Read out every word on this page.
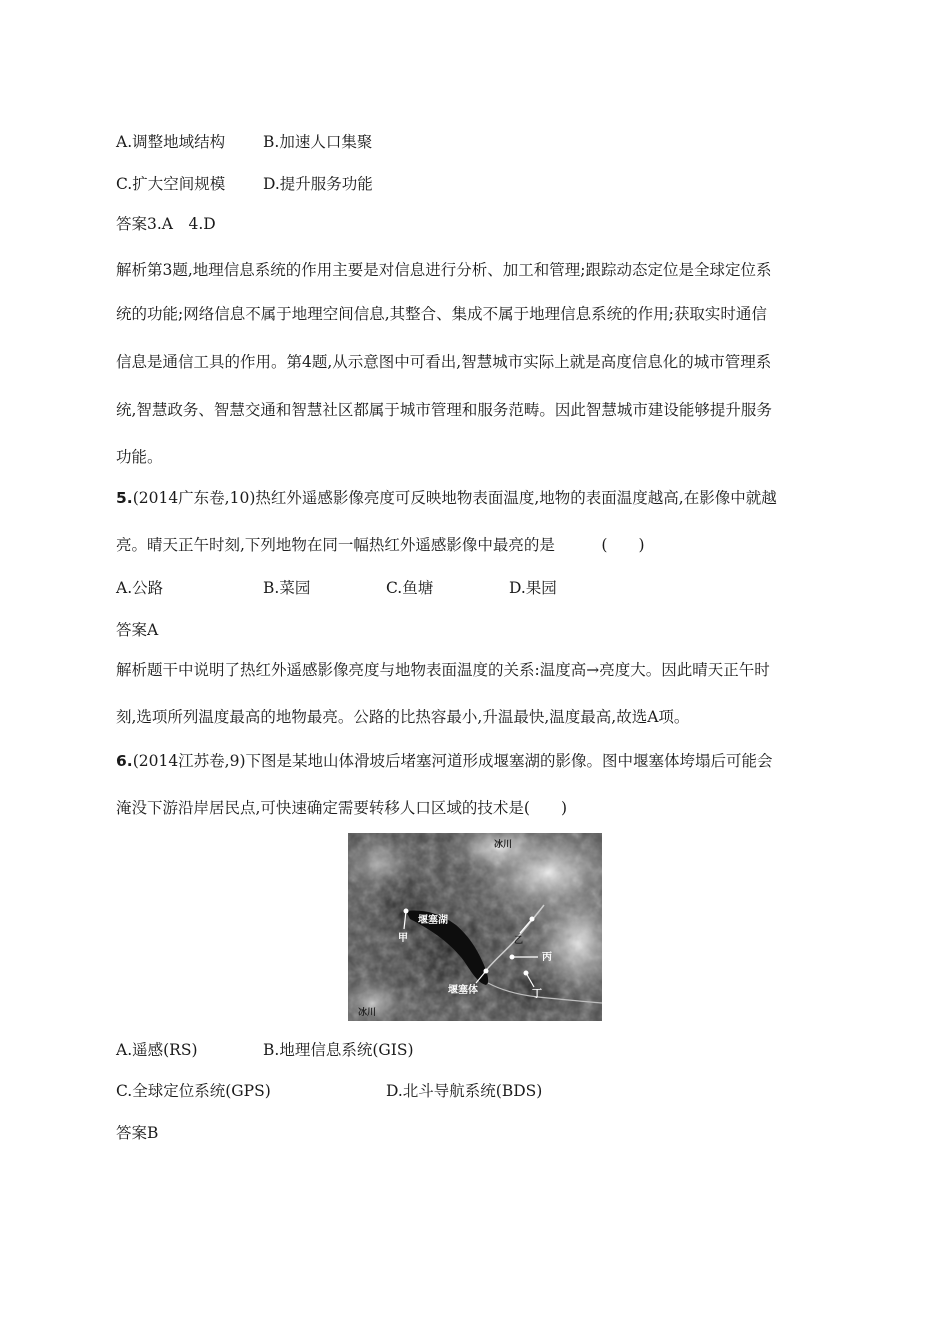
A.调整地域结构 B.加速人口集聚
C.扩大空间规模 D.提升服务功能
答案3.A　4.D
解析第3题,地理信息系统的作用主要是对信息进行分析、加工和管理;跟踪动态定位是全球定位系
统的功能;网络信息不属于地理空间信息,其整合、集成不属于地理信息系统的作用;获取实时通信
信息是通信工具的作用。第4题,从示意图中可看出,智慧城市实际上就是高度信息化的城市管理系
统,智慧政务、智慧交通和智慧社区都属于城市管理和服务范畴。因此智慧城市建设能够提升服务
功能。
5.(2014广东卷,10)热红外遥感影像亮度可反映地物表面温度,地物的表面温度越高,在影像中就越
亮。晴天正午时刻,下列地物在同一幅热红外遥感影像中最亮的是　　　(　　)
A.公路	B.菜园	C.鱼塘	D.果园
答案A
解析题干中说明了热红外遥感影像亮度与地物表面温度的关系:温度高→亮度大。因此晴天正午时
刻,选项所列温度最高的地物最亮。公路的比热容最小,升温最快,温度最高,故选A项。
6.(2014江苏卷,9)下图是某地山体滑坡后堵塞河道形成堰塞湖的影像。图中堰塞体垮塌后可能会
淹没下游沿岸居民点,可快速确定需要转移人口区域的技术是(　　)
冰川
堰塞湖
甲	乙
丙
堰塞体	丁
冰川
A.遥感(RS)	B.地理信息系统(GIS)
C.全球定位系统(GPS)	D.北斗导航系统(BDS)
答案B
